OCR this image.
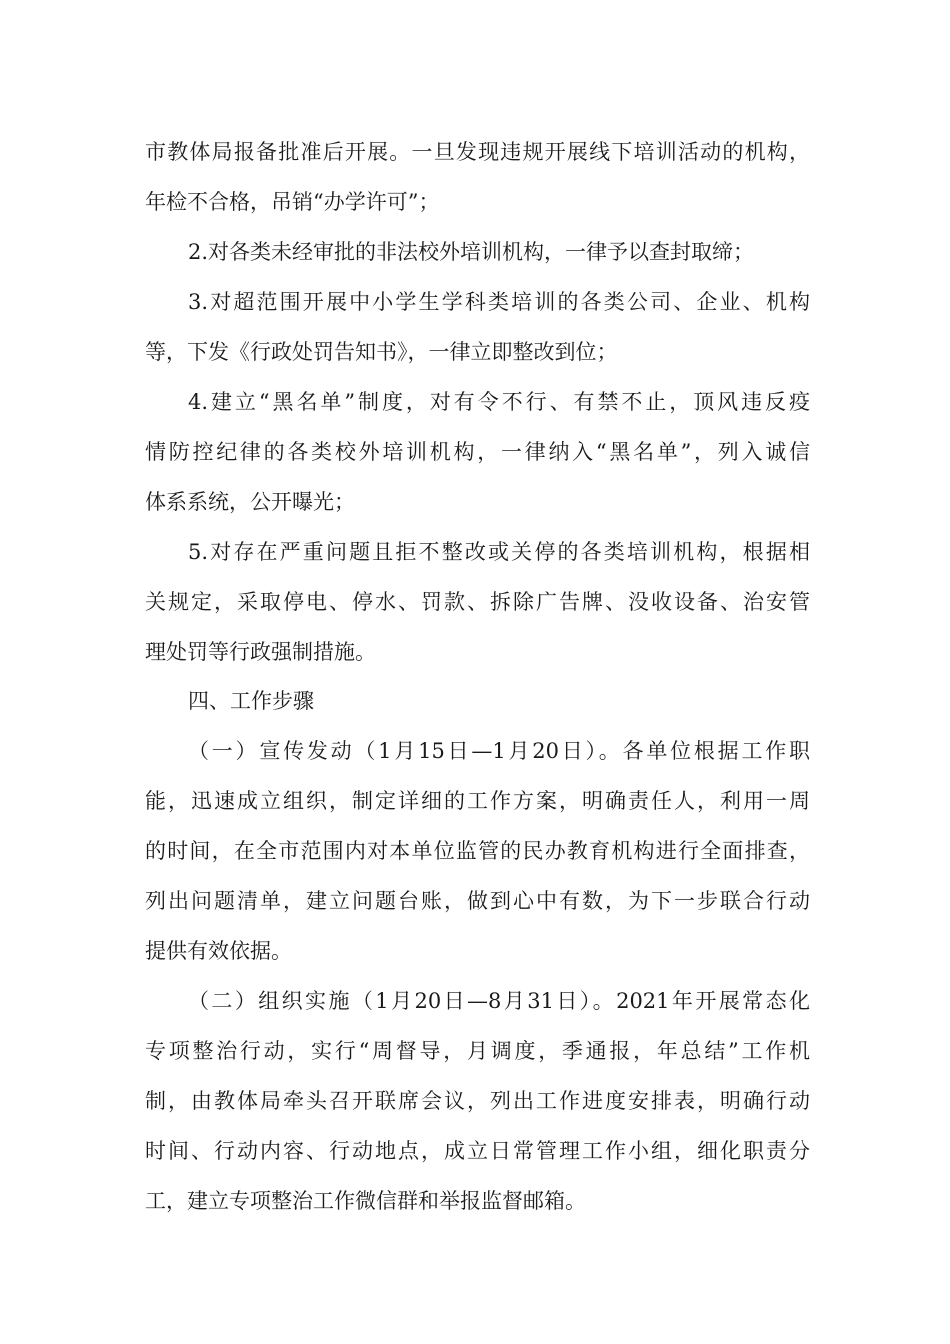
市教体局报备批准后开展。一旦发现违规开展线下培训活动的机构，
年检不合格，吊销“办学许可”；
2.对各类未经审批的非法校外培训机构，一律予以查封取缔；
3.对超范围开展中小学生学科类培训的各类公司、企业、机构
等，下发《行政处罚告知书》，一律立即整改到位；
4.建立“黑名单”制度，对有令不行、有禁不止，顶风违反疫
情防控纪律的各类校外培训机构，一律纳入“黑名单”，列入诚信
体系系统，公开曝光；
5.对存在严重问题且拒不整改或关停的各类培训机构，根据相
关规定，采取停电、停水、罚款、拆除广告牌、没收设备、治安管
理处罚等行政强制措施。
四、工作步骤
（一）宣传发动（1月15日—1月20日）。各单位根据工作职
能，迅速成立组织，制定详细的工作方案，明确责任人，利用一周
的时间，在全市范围内对本单位监管的民办教育机构进行全面排查，
列出问题清单，建立问题台账，做到心中有数，为下一步联合行动
提供有效依据。
（二）组织实施（1月20日—8月31日）。2021年开展常态化
专项整治行动，实行“周督导，月调度，季通报，年总结”工作机
制，由教体局牵头召开联席会议，列出工作进度安排表，明确行动
时间、行动内容、行动地点，成立日常管理工作小组，细化职责分
工，建立专项整治工作微信群和举报监督邮箱。
